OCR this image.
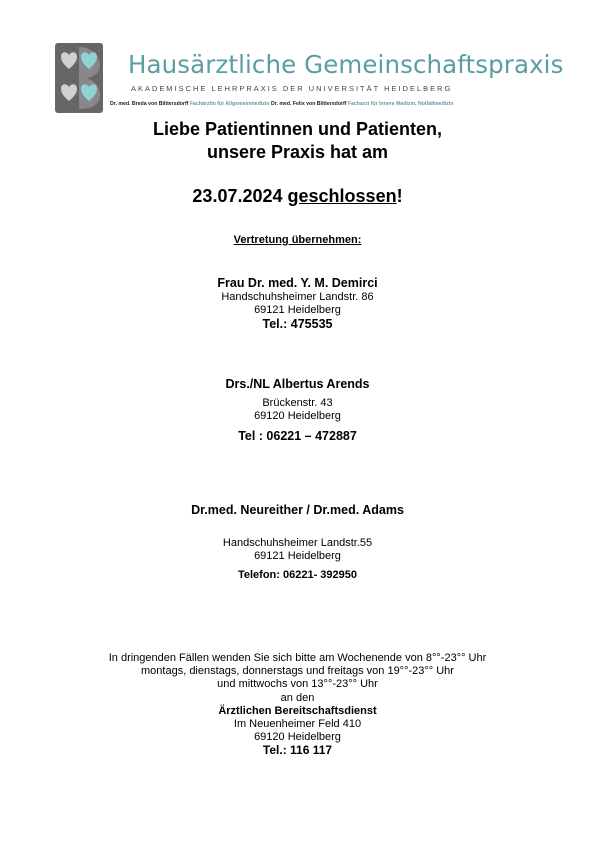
Hausärztliche Gemeinschaftspraxis
AKADEMISCHE LEHRPRAXIS DER UNIVERSITÄT HEIDELBERG
Dr. med. Breda von Blittersdorff Fachärztin für Allgemeinmedizin Dr. med. Felix von Blittersdorff Facharzt für Innere Medizin, Notfallmedizin
Liebe Patientinnen und Patienten,
unsere Praxis hat am
23.07.2024 geschlossen!
Vertretung übernehmen:
Frau Dr. med. Y. M. Demirci
Handschuhsheimer Landstr. 86
69121 Heidelberg
Tel.: 475535
Drs./NL Albertus Arends
Brückenstr. 43
69120 Heidelberg
Tel : 06221 – 472887
Dr.med. Neureither / Dr.med. Adams
Handschuhsheimer Landstr.55
69121 Heidelberg
Telefon: 06221- 392950
In dringenden Fällen wenden Sie sich bitte am Wochenende von 8°°-23°° Uhr
montags, dienstags, donnerstags und freitags von 19°°-23°° Uhr
und mittwochs von 13°°-23°° Uhr
an den
Ärztlichen Bereitschaftsdienst
Im Neuenheimer Feld 410
69120 Heidelberg
Tel.: 116 117
